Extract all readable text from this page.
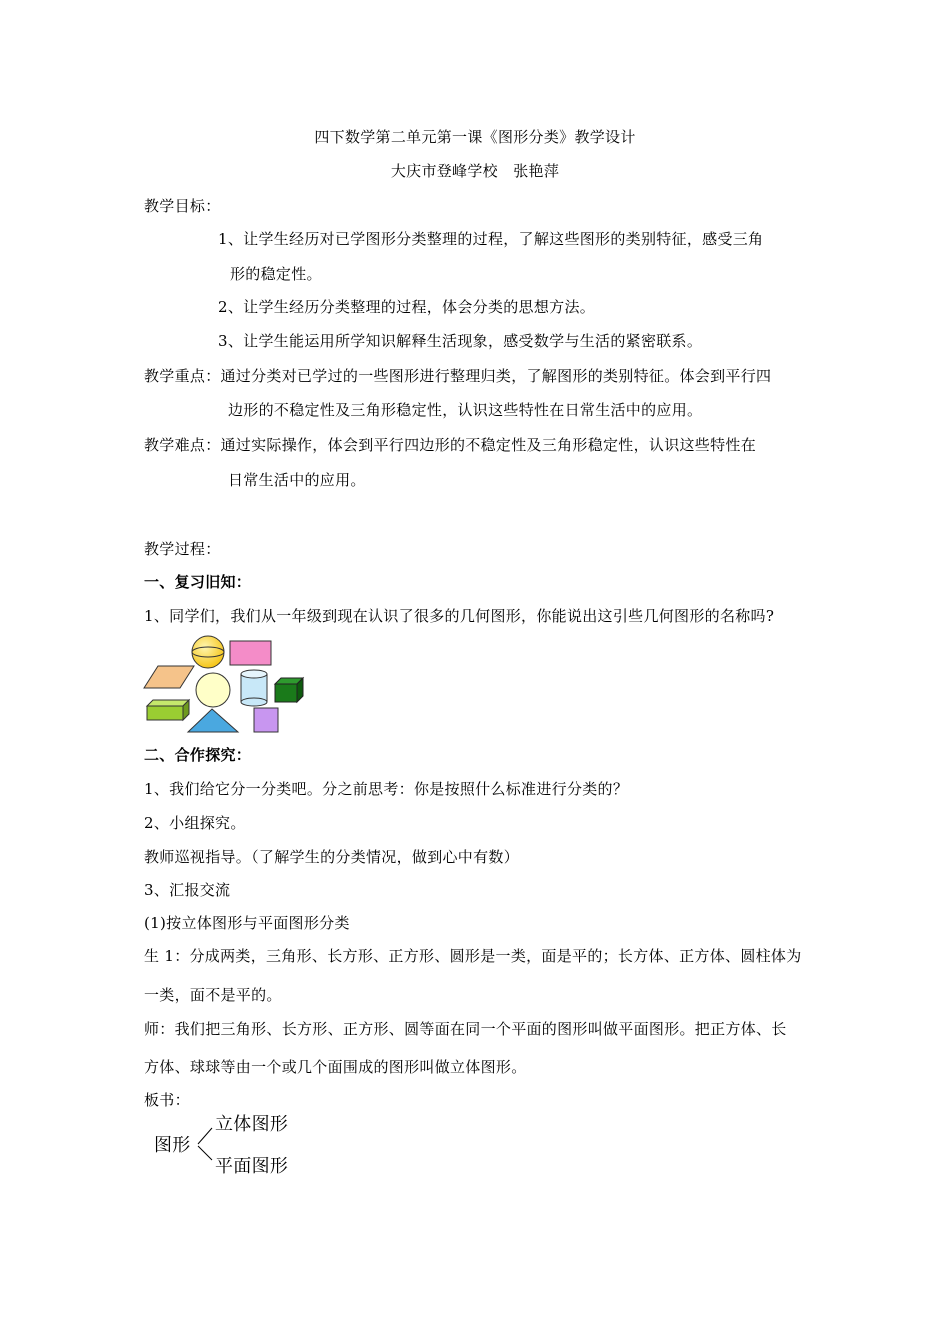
四下数学第二单元第一课《图形分类》教学设计
大庆市登峰学校　张艳萍
教学目标：
1、让学生经历对已学图形分类整理的过程，了解这些图形的类别特征，感受三角
形的稳定性。
2、让学生经历分类整理的过程，体会分类的思想方法。
3、让学生能运用所学知识解释生活现象，感受数学与生活的紧密联系。
教学重点：通过分类对已学过的一些图形进行整理归类，了解图形的类别特征。体会到平行四
边形的不稳定性及三角形稳定性，认识这些特性在日常生活中的应用。
教学难点：通过实际操作，体会到平行四边形的不稳定性及三角形稳定性，认识这些特性在
日常生活中的应用。
教学过程：
一、复习旧知：
1、同学们，我们从一年级到现在认识了很多的几何图形，你能说出这引些几何图形的名称吗?
二、合作探究：
1、我们给它分一分类吧。分之前思考：你是按照什么标准进行分类的？
2、小组探究。
教师巡视指导。（了解学生的分类情况，做到心中有数）
3、汇报交流
(1)按立体图形与平面图形分类
生 1：分成两类，三角形、长方形、正方形、圆形是一类，面是平的；长方体、正方体、圆柱体为
一类，面不是平的。
师：我们把三角形、长方形、正方形、圆等面在同一个平面的图形叫做平面图形。把正方体、长
方体、球球等由一个或几个面围成的图形叫做立体图形。
板书：
图形
立体图形
平面图形
